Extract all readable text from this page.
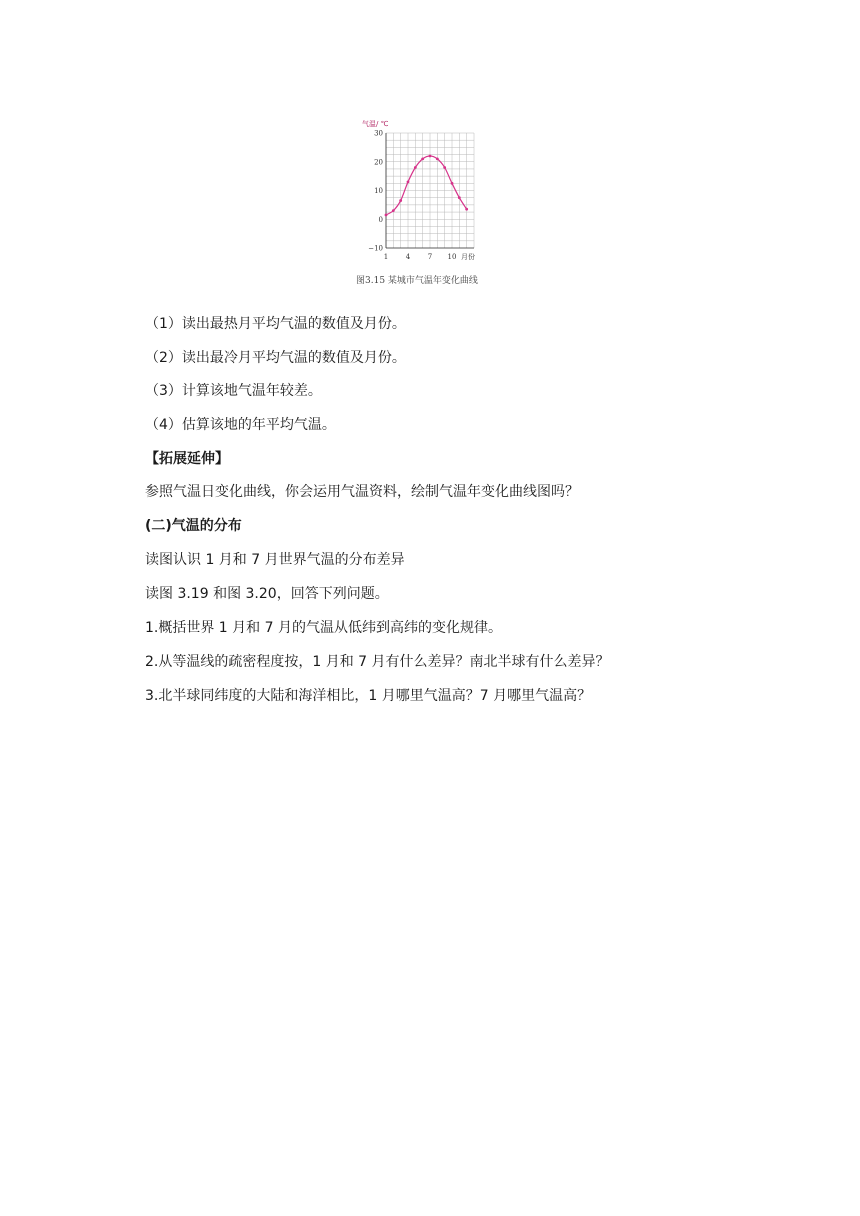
气温/ ℃
30
20
10
0
−10
1	4	7 10 月份
图3.15 某城市气温年变化曲线
（1）读出最热月平均气温的数值及月份。
（2）读出最冷月平均气温的数值及月份。
（3）计算该地气温年较差。
（4）估算该地的年平均气温。
【拓展延伸】
参照气温日变化曲线，你会运用气温资料，绘制气温年变化曲线图吗？
(二)气温的分布
读图认识 1 月和 7 月世界气温的分布差异
读图 3.19 和图 3.20，回答下列问题。
1.概括世界 1 月和 7 月的气温从低纬到高纬的变化规律。
2.从等温线的疏密程度按，1 月和 7 月有什么差异？南北半球有什么差异？
3.北半球同纬度的大陆和海洋相比，1 月哪里气温高？7 月哪里气温高？
